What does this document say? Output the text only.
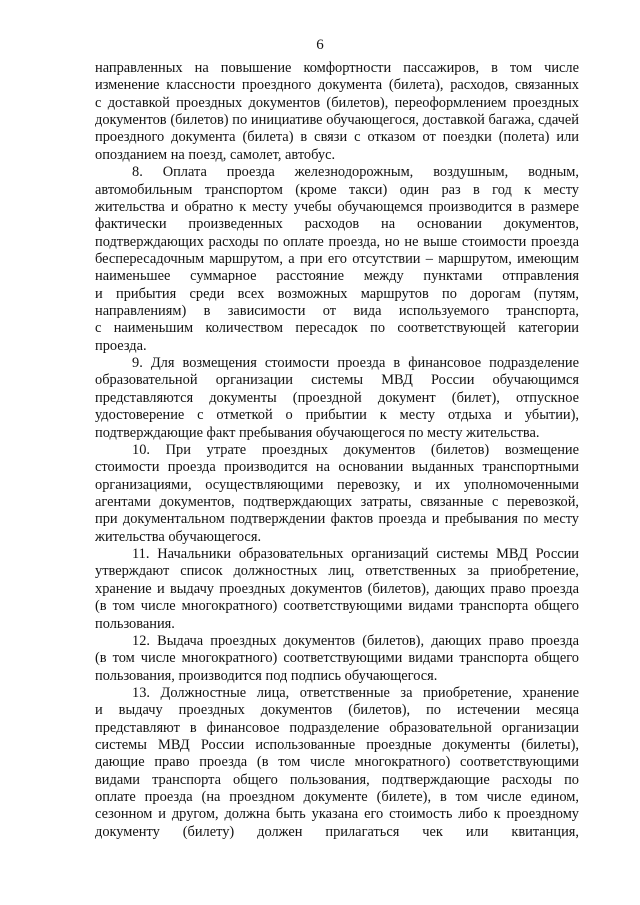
6
направленных на повышение комфортности пассажиров, в том числе
изменение классности проездного документа (билета), расходов, связанных
с доставкой проездных документов (билетов), переоформлением проездных
документов (билетов) по инициативе обучающегося, доставкой багажа, сдачей
проездного документа (билета) в связи с отказом от поездки (полета) или
опозданием на поезд, самолет, автобус.
8. Оплата проезда железнодорожным, воздушным, водным,
автомобильным транспортом (кроме такси) один раз в год к месту
жительства и обратно к месту учебы обучающемся производится в размере
фактически произведенных расходов на основании документов,
подтверждающих расходы по оплате проезда, но не выше стоимости проезда
беспересадочным маршрутом, а при его отсутствии – маршрутом, имеющим
наименьшее суммарное расстояние между пунктами отправления
и прибытия среди всех возможных маршрутов по дорогам (путям,
направлениям) в зависимости от вида используемого транспорта,
с наименьшим количеством пересадок по соответствующей категории
проезда.
9. Для возмещения стоимости проезда в финансовое подразделение
образовательной организации системы МВД России обучающимся
представляются документы (проездной документ (билет), отпускное
удостоверение с отметкой о прибытии к месту отдыха и убытии),
подтверждающие факт пребывания обучающегося по месту жительства.
10. При утрате проездных документов (билетов) возмещение
стоимости проезда производится на основании выданных транспортными
организациями, осуществляющими перевозку, и их уполномоченными
агентами документов, подтверждающих затраты, связанные с перевозкой,
при документальном подтверждении фактов проезда и пребывания по месту
жительства обучающегося.
11. Начальники образовательных организаций системы МВД России
утверждают список должностных лиц, ответственных за приобретение,
хранение и выдачу проездных документов (билетов), дающих право проезда
(в том числе многократного) соответствующими видами транспорта общего
пользования.
12. Выдача проездных документов (билетов), дающих право проезда
(в том числе многократного) соответствующими видами транспорта общего
пользования, производится под подпись обучающегося.
13. Должностные лица, ответственные за приобретение, хранение
и выдачу проездных документов (билетов), по истечении месяца
представляют в финансовое подразделение образовательной организации
системы МВД России использованные проездные документы (билеты),
дающие право проезда (в том числе многократного) соответствующими
видами транспорта общего пользования, подтверждающие расходы по
оплате проезда (на проездном документе (билете), в том числе едином,
сезонном и другом, должна быть указана его стоимость либо к проездному
документу (билету) должен прилагаться чек или квитанция,
